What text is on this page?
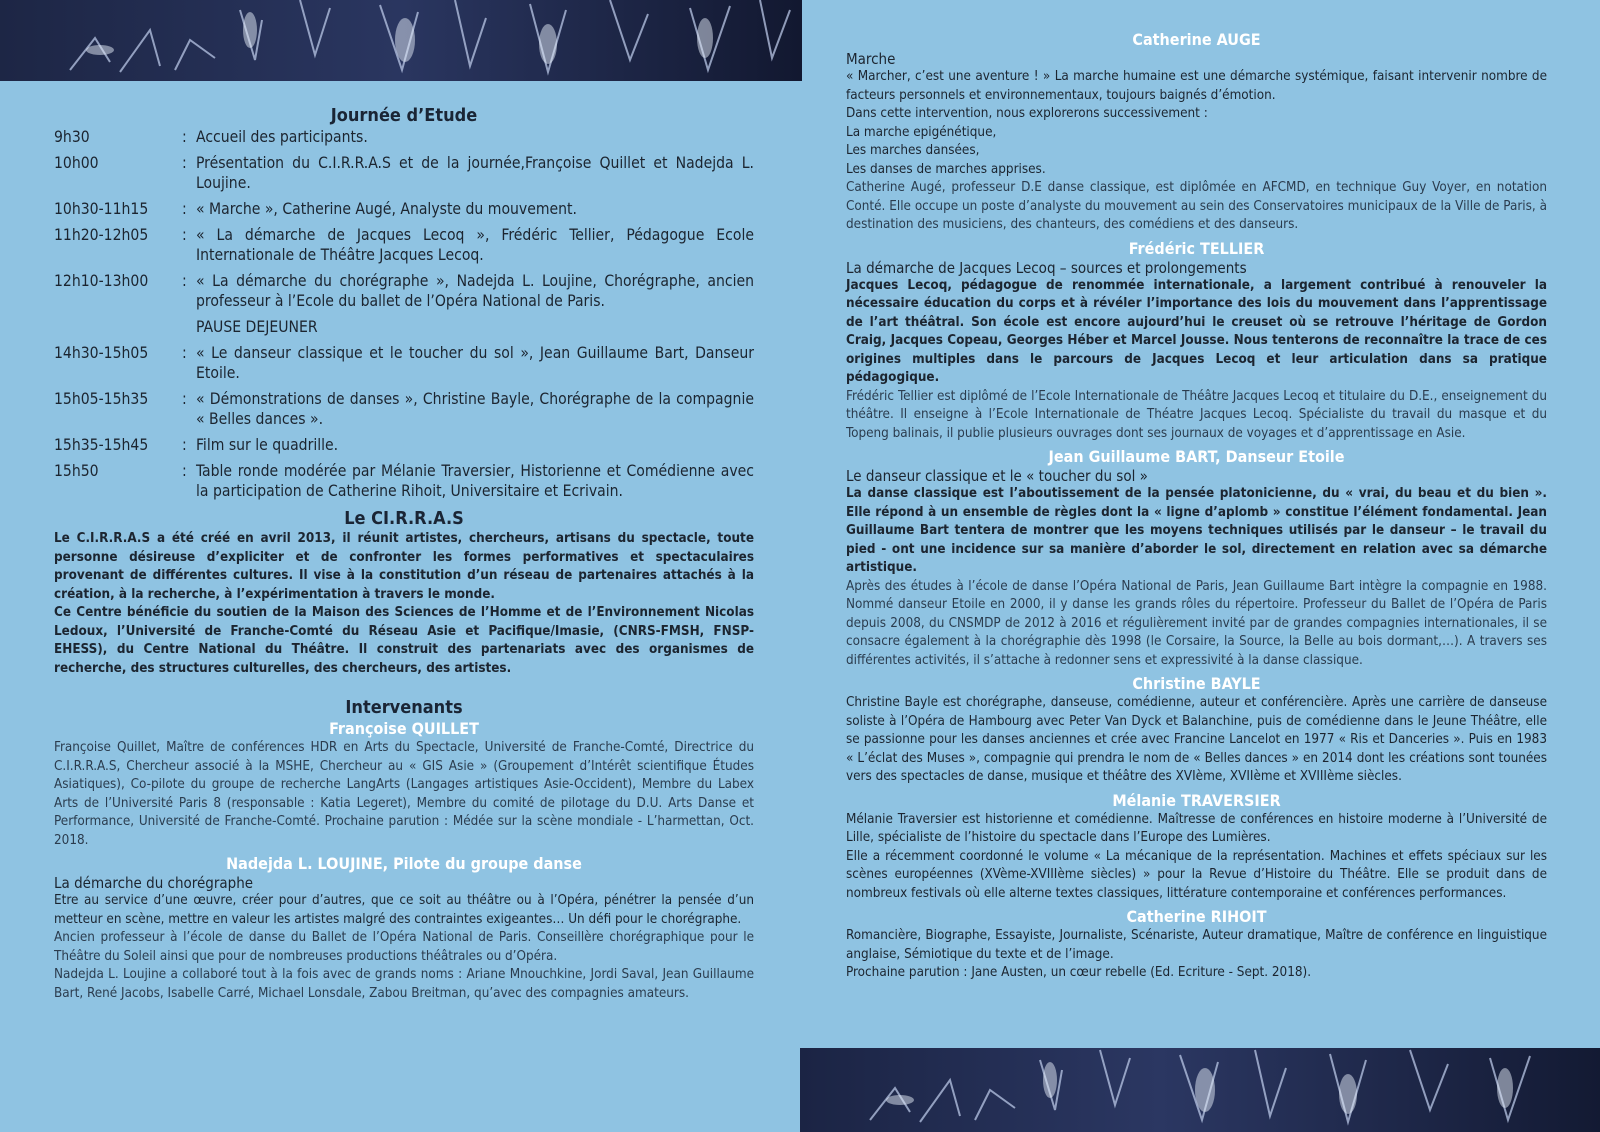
Journée d’Etude
9h30	:	Accueil des participants.
10h00	:	Présentation du C.I.R.R.A.S et de la journée,Françoise Quillet et Nadejda L. Loujine.
10h30-11h15	:	« Marche », Catherine Augé, Analyste du mouvement.
11h20-12h05	:	« La démarche de Jacques Lecoq », Frédéric Tellier, Pédagogue Ecole Internationale de Théâtre Jacques Lecoq.
12h10-13h00	:	« La démarche du chorégraphe », Nadejda L. Loujine, Chorégraphe, ancien professeur à l’Ecole du ballet de l’Opéra National de Paris.
PAUSE DEJEUNER
14h30-15h05	:	« Le danseur classique et le toucher du sol », Jean Guillaume Bart, Danseur Etoile.
15h05-15h35	:	« Démonstrations de danses », Christine Bayle, Chorégraphe de la compagnie « Belles dances ».
15h35-15h45	:	Film sur le quadrille.
15h50	:	Table ronde modérée par Mélanie Traversier, Historienne et Comédienne avec la participation de Catherine Rihoit, Universitaire et Ecrivain.
Le CI.R.R.A.S

Le C.I.R.R.A.S a été créé en avril 2013, il réunit artistes, chercheurs, artisans du spectacle, toute personne désireuse d’expliciter et de confronter les formes performatives et spectaculaires provenant de différentes cultures. Il vise à la constitution d’un réseau de partenaires attachés à la création, à la recherche, à l’expérimentation à travers le monde.

Ce Centre bénéficie du soutien de la Maison des Sciences de l’Homme et de l’Environnement Nicolas Ledoux, l’Université de Franche-Comté du Réseau Asie et Pacifique/Imasie, (CNRS-FMSH, FNSP-EHESS), du Centre National du Théâtre. Il construit des partenariats avec des organismes de recherche, des structures culturelles, des chercheurs, des artistes.

Intervenants
Françoise QUILLET

Françoise Quillet, Maître de conférences HDR en Arts du Spectacle, Université de Franche-Comté, Directrice du C.I.R.R.A.S, Chercheur associé à la MSHE, Chercheur au « GIS Asie » (Groupement d’Intérêt scientifique Études Asiatiques), Co-pilote du groupe de recherche LangArts (Langages artistiques Asie-Occident), Membre du Labex Arts de l’Université Paris 8 (responsable : Katia Legeret), Membre du comité de pilotage du D.U. Arts Danse et Performance, Université de Franche-Comté. Prochaine parution : Médée sur la scène mondiale - L’harmettan, Oct. 2018.

Nadejda L. LOUJINE, Pilote du groupe danse

La démarche du chorégraphe

Etre au service d’une œuvre, créer pour d’autres, que ce soit au théâtre ou à l’Opéra, pénétrer la pensée d’un metteur en scène, mettre en valeur les artistes malgré des contraintes exigeantes… Un défi pour le chorégraphe.

Ancien professeur à l’école de danse du Ballet de l’Opéra National de Paris. Conseillère chorégraphique pour le Théâtre du Soleil ainsi que pour de nombreuses productions théâtrales ou d’Opéra.

Nadejda L. Loujine a collaboré tout à la fois avec de grands noms : Ariane Mnouchkine, Jordi Saval, Jean Guillaume Bart, René Jacobs, Isabelle Carré, Michael Lonsdale, Zabou Breitman, qu’avec des compagnies amateurs.

Catherine AUGE

Marche

« Marcher, c’est une aventure ! » La marche humaine est une démarche systémique, faisant intervenir nombre de facteurs personnels et environnementaux, toujours baignés d’émotion.

Dans cette intervention, nous explorerons successivement :

La marche epigénétique,

Les marches dansées,

Les danses de marches apprises.

Catherine Augé, professeur D.E danse classique, est diplômée en AFCMD, en technique Guy Voyer, en notation Conté. Elle occupe un poste d’analyste du mouvement au sein des Conservatoires municipaux de la Ville de Paris, à destination des musiciens, des chanteurs, des comédiens et des danseurs.

Frédéric TELLIER

La démarche de Jacques Lecoq – sources et prolongements

Jacques Lecoq, pédagogue de renommée internationale, a largement contribué à renouveler la nécessaire éducation du corps et à révéler l’importance des lois du mouvement dans l’apprentissage de l’art théâtral. Son école est encore aujourd’hui le creuset où se retrouve l’héritage de Gordon Craig, Jacques Copeau, Georges Héber et Marcel Jousse. Nous tenterons de reconnaître la trace de ces origines multiples dans le parcours de Jacques Lecoq et leur articulation dans sa pratique pédagogique.

Frédéric Tellier est diplômé de l’Ecole Internationale de Théâtre Jacques Lecoq et titulaire du D.E., enseignement du théâtre. Il enseigne à l’Ecole Internationale de Théatre Jacques Lecoq. Spécialiste du travail du masque et du Topeng balinais, il publie plusieurs ouvrages dont ses journaux de voyages et d’apprentissage en Asie.

Jean Guillaume BART, Danseur Etoile

Le danseur classique et le « toucher du sol »

La danse classique est l’aboutissement de la pensée platonicienne, du « vrai, du beau et du bien ». Elle répond à un ensemble de règles dont la « ligne d’aplomb » constitue l’élément fondamental. Jean Guillaume Bart tentera de montrer que les moyens techniques utilisés par le danseur – le travail du pied - ont une incidence sur sa manière d’aborder le sol, directement en relation avec sa démarche artistique.

Après des études à l’école de danse l’Opéra National de Paris, Jean Guillaume Bart intègre la compagnie en 1988. Nommé danseur Etoile en 2000, il y danse les grands rôles du répertoire. Professeur du Ballet de l’Opéra de Paris depuis 2008, du CNSMDP de 2012 à 2016 et régulièrement invité par de grandes compagnies internationales, il se consacre également à la chorégraphie dès 1998 (le Corsaire, la Source, la Belle au bois dormant,…). A travers ses différentes activités, il s’attache à redonner sens et expressivité à la danse classique.

Christine BAYLE

Christine Bayle est chorégraphe, danseuse, comédienne, auteur et conférencière. Après une carrière de danseuse soliste à l’Opéra de Hambourg avec Peter Van Dyck et Balanchine, puis de comédienne dans le Jeune Théâtre, elle se passionne pour les danses anciennes et crée avec Francine Lancelot en 1977 « Ris et Danceries ». Puis en 1983 « L’éclat des Muses », compagnie qui prendra le nom de « Belles dances » en 2014 dont les créations sont tounées vers des spectacles de danse, musique et théâtre des XVIème, XVIIème et XVIIIème siècles.

Mélanie TRAVERSIER

Mélanie Traversier est historienne et comédienne. Maîtresse de conférences en histoire moderne à l’Université de Lille, spécialiste de l’histoire du spectacle dans l’Europe des Lumières.

Elle a récemment coordonné le volume « La mécanique de la représentation. Machines et effets spéciaux sur les scènes européennes (XVème-XVIIIème siècles) » pour la Revue d’Histoire du Théâtre. Elle se produit dans de nombreux festivals où elle alterne textes classiques, littérature contemporaine et conférences performances.

Catherine RIHOIT

Romancière, Biographe, Essayiste, Journaliste, Scénariste, Auteur dramatique, Maître de conférence en linguistique anglaise, Sémiotique du texte et de l’image.

Prochaine parution : Jane Austen, un cœur rebelle (Ed. Ecriture - Sept. 2018).
